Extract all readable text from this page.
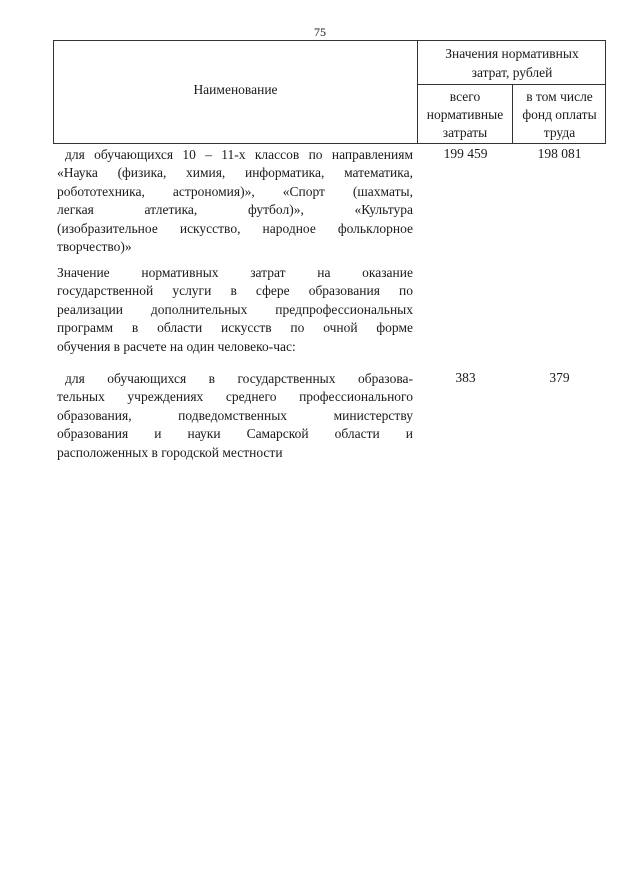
75
Наименование
Значения нормативных
затрат, рублей
всего
нормативные
затраты
в том числе
фонд оплаты
труда
для обучающихся 10 – 11-х классов по направлениям
«Наука (физика, химия, информатика, математика,
робототехника, астрономия)», «Спорт (шахматы,
легкая атлетика, футбол)», «Культура
(изобразительное искусство, народное фольклорное
творчество)»
199 459	198 081
Значение нормативных затрат на оказание
государственной услуги в сфере образования по
реализации дополнительных предпрофессиональных
программ в области искусств по очной форме
обучения в расчете на один человеко-час:
для обучающихся в государственных образова-
тельных учреждениях среднего профессионального
образования, подведомственных министерству
образования и науки Самарской области и
расположенных в городской местности
383	379
